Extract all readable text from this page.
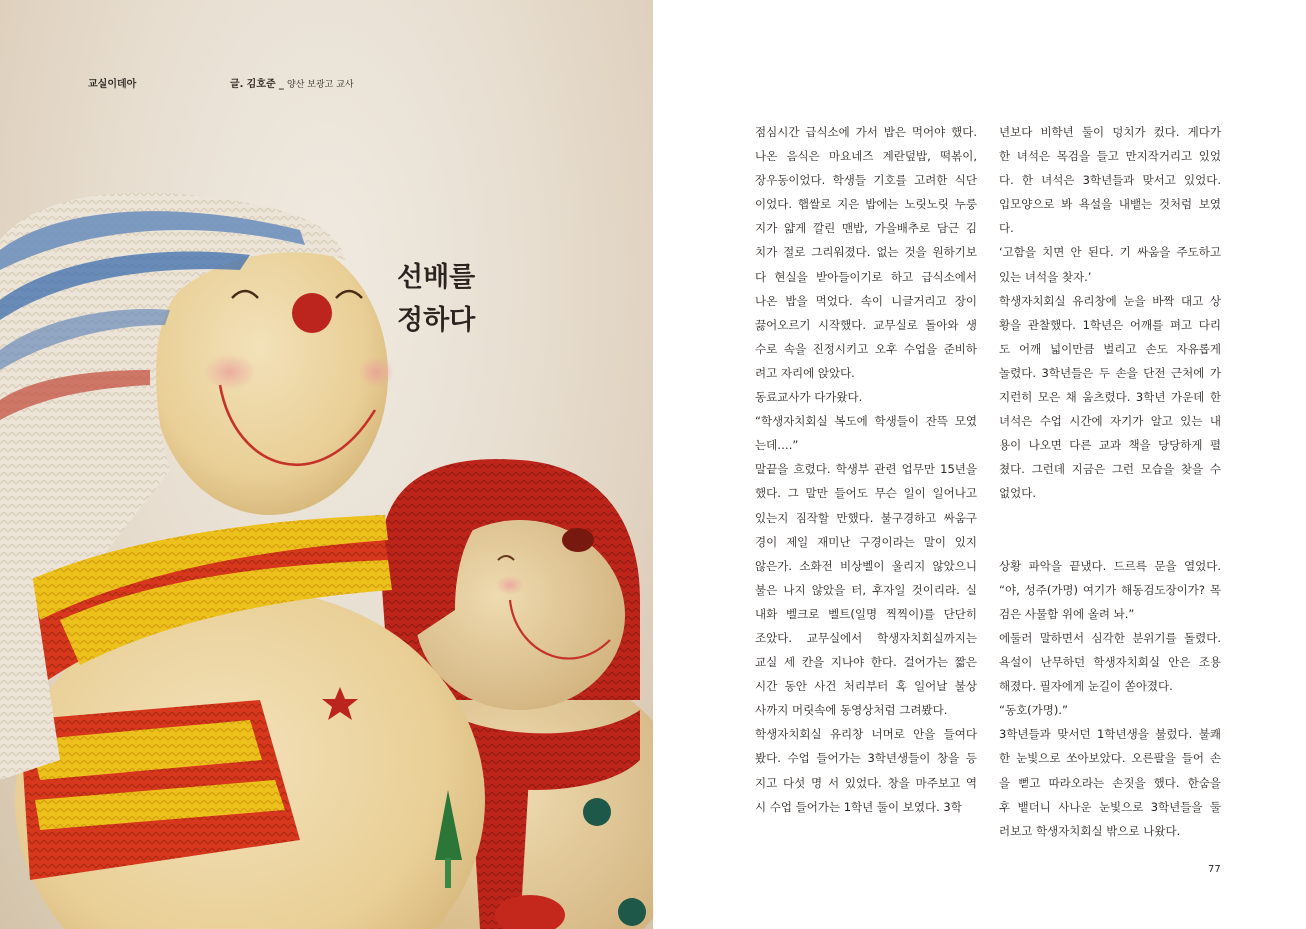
교실이데아	글. 김호준 _ 양산 보광고 교사
선배를
정하다
점심시간 급식소에 가서 밥은 먹어야 했다.
나온 음식은 마요네즈 계란덮밥, 떡볶이,
장우동이었다. 학생들 기호를 고려한 식단
이었다. 햅쌀로 지은 밥에는 노릿노릿 누룽
지가 얇게 깔린 맨밥, 가을배추로 담근 김
치가 절로 그리워졌다. 없는 것을 원하기보
다 현실을 받아들이기로 하고 급식소에서
나온 밥을 먹었다. 속이 니글거리고 장이
끓어오르기 시작했다. 교무실로 돌아와 생
수로 속을 진정시키고 오후 수업을 준비하
려고 자리에 앉았다.
동료교사가 다가왔다.
“학생자치회실 복도에 학생들이 잔뜩 모였
는데….”
말끝을 흐렸다. 학생부 관련 업무만 15년을
했다. 그 말만 들어도 무슨 일이 일어나고
있는지 짐작할 만했다. 불구경하고 싸움구
경이 제일 재미난 구경이라는 말이 있지
않은가. 소화전 비상벨이 울리지 않았으니
불은 나지 않았을 터, 후자일 것이리라. 실
내화 벨크로 벨트(일명 찍찍이)를 단단히
조았다. 교무실에서 학생자치회실까지는
교실 세 칸을 지나야 한다. 걸어가는 짧은
시간 동안 사건 처리부터 혹 일어날 불상
사까지 머릿속에 동영상처럼 그려봤다.
학생자치회실 유리창 너머로 안을 들여다
봤다. 수업 들어가는 3학년생들이 창을 등
지고 다섯 명 서 있었다. 창을 마주보고 역
시 수업 들어가는 1학년 둘이 보였다. 3학
년보다 비학년 둘이 덩치가 컸다. 게다가
한 녀석은 목검을 들고 만지작거리고 있었
다. 한 녀석은 3학년들과 맞서고 있었다.
입모양으로 봐 욕설을 내뱉는 것처럼 보였
다.
‘고함을 치면 안 된다. 기 싸움을 주도하고
있는 녀석을 찾자.’
학생자치회실 유리창에 눈을 바짝 대고 상
황을 관찰했다. 1학년은 어깨를 펴고 다리
도 어깨 넓이만큼 벌리고 손도 자유롭게
놀렸다. 3학년들은 두 손을 단전 근처에 가
지런히 모은 채 움츠렸다. 3학년 가운데 한
녀석은 수업 시간에 자기가 알고 있는 내
용이 나오면 다른 교과 책을 당당하게 펼
쳤다. 그런데 지금은 그런 모습을 찾을 수
없었다.
상황 파악을 끝냈다. 드르륵 문을 열었다.
“야, 성주(가명) 여기가 해동검도장이가? 목
검은 사물함 위에 올려 놔.”
에둘러 말하면서 심각한 분위기를 돌렸다.
욕설이 난무하던 학생자치회실 안은 조용
해졌다. 필자에게 눈길이 쏟아졌다.
“동호(가명).”
3학년들과 맞서던 1학년생을 불렀다. 불쾌
한 눈빛으로 쏘아보았다. 오른팔을 들어 손
을 뻗고 따라오라는 손짓을 했다. 한숨을
후 뱉더니 사나운 눈빛으로 3학년들을 둘
러보고 학생자치회실 밖으로 나왔다.
77
